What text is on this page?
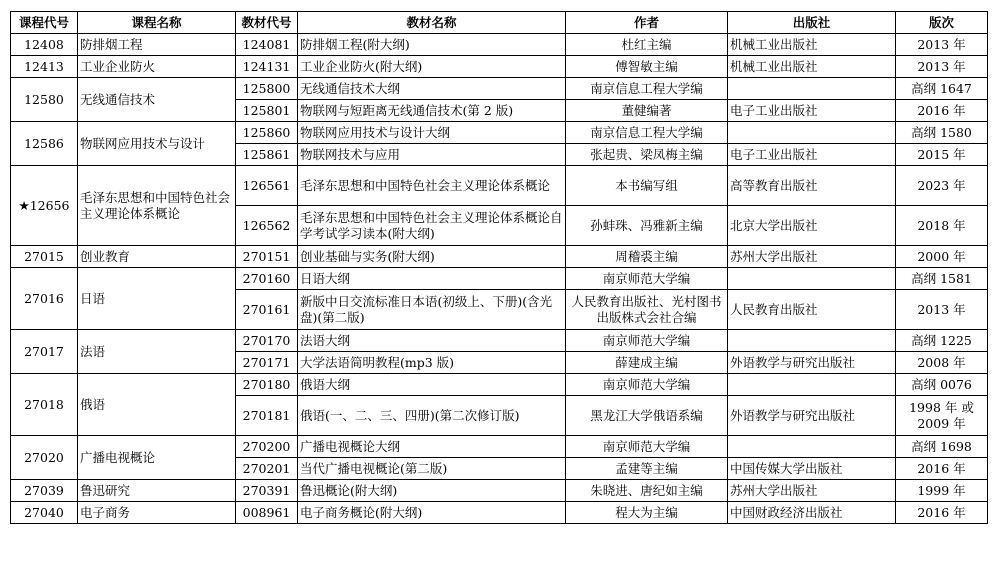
课程代号	课程名称	教材代号	教材名称	作者	出版社	版次
12408	防排烟工程	124081	防排烟工程(附大纲)	杜红主编	机械工业出版社	2013 年
12413	工业企业防火	124131	工业企业防火(附大纲)	傅智敏主编	机械工业出版社	2013 年
12580	无线通信技术	125800	无线通信技术大纲	南京信息工程大学编		高纲 1647
		125801	物联网与短距离无线通信技术(第 2 版)	董健编著	电子工业出版社	2016 年
12586	物联网应用技术与设计	125860	物联网应用技术与设计大纲	南京信息工程大学编		高纲 1580
		125861	物联网技术与应用	张起贵、梁凤梅主编	电子工业出版社	2015 年
★12656	毛泽东思想和中国特色社会主义理论体系概论	126561	毛泽东思想和中国特色社会主义理论体系概论	本书编写组	高等教育出版社	2023 年
		126562	毛泽东思想和中国特色社会主义理论体系概论自学考试学习读本(附大纲)	孙蚌珠、冯雅新主编	北京大学出版社	2018 年
27015	创业教育	270151	创业基础与实务(附大纲)	周稽裘主编	苏州大学出版社	2000 年
27016	日语	270160	日语大纲	南京师范大学编		高纲 1581
		270161	新版中日交流标准日本语(初级上、下册)(含光盘)(第二版)	人民教育出版社、光村图书出版株式会社合编	人民教育出版社	2013 年
27017	法语	270170	法语大纲	南京师范大学编		高纲 1225
		270171	大学法语简明教程(mp3 版)	薛建成主编	外语教学与研究出版社	2008 年
27018	俄语	270180	俄语大纲	南京师范大学编		高纲 0076
		270181	俄语(一、二、三、四册)(第二次修订版)	黑龙江大学俄语系编	外语教学与研究出版社	1998 年 或 2009 年
27020	广播电视概论	270200	广播电视概论大纲	南京师范大学编		高纲 1698
		270201	当代广播电视概论(第二版)	孟建等主编	中国传媒大学出版社	2016 年
27039	鲁迅研究	270391	鲁迅概论(附大纲)	朱晓进、唐纪如主编	苏州大学出版社	1999 年
27040	电子商务	008961	电子商务概论(附大纲)	程大为主编	中国财政经济出版社	2016 年
